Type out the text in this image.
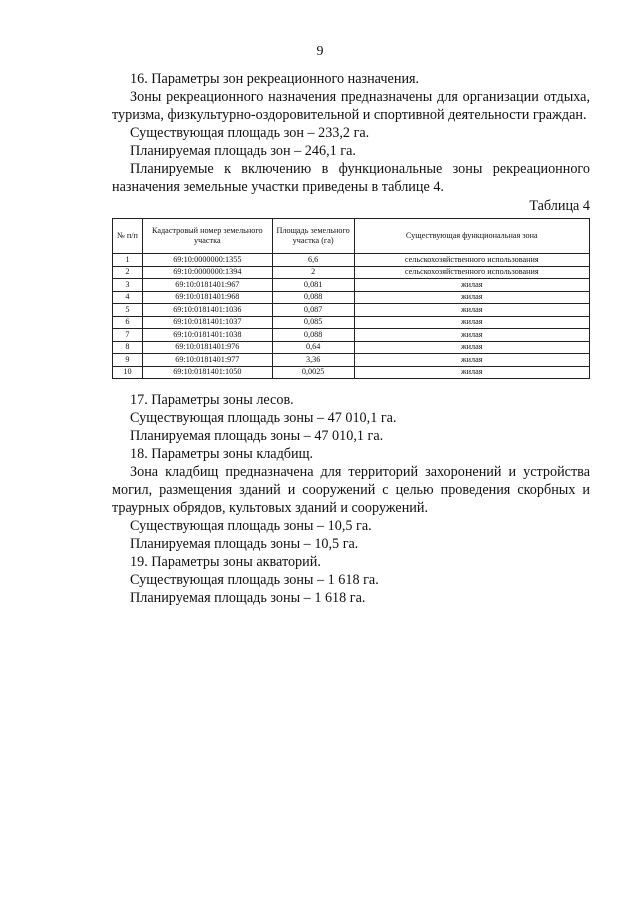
9

16. Параметры зон рекреационного назначения.

Зоны рекреационного назначения предназначены для организации отдыха, туризма, физкультурно-оздоровительной и спортивной деятельности граждан.

Существующая площадь зон – 233,2 га.

Планируемая площадь зон – 246,1 га.

Планируемые к включению в функциональные зоны рекреационного назначения земельные участки приведены в таблице 4.

Таблица 4

№ п/п	Кадастровый номер земельного участка	Площадь земельного участка (га)	Существующая функциональная зона
1	69:10:0000000:1355	6,6	сельскохозяйственного использования
2	69:10:0000000:1394	2	сельскохозяйственного использования
3	69:10:0181401:967	0,081	жилая
4	69:10:0181401:968	0,088	жилая
5	69:10:0181401:1036	0,087	жилая
6	69:10:0181401:1037	0,085	жилая
7	69:10:0181401:1038	0,088	жилая
8	69:10:0181401:976	0,64	жилая
9	69:10:0181401:977	3,36	жилая
10	69:10:0181401:1050	0,0025	жилая

17. Параметры зоны лесов.

Существующая площадь зоны – 47 010,1 га.

Планируемая площадь зоны – 47 010,1 га.

18. Параметры зоны кладбищ.

Зона кладбищ предназначена для территорий захоронений и устройства могил, размещения зданий и сооружений с целью проведения скорбных и траурных обрядов, культовых зданий и сооружений.

Существующая площадь зоны – 10,5 га.

Планируемая площадь зоны – 10,5 га.

19. Параметры зоны акваторий.

Существующая площадь зоны – 1 618 га.

Планируемая площадь зоны – 1 618 га.
